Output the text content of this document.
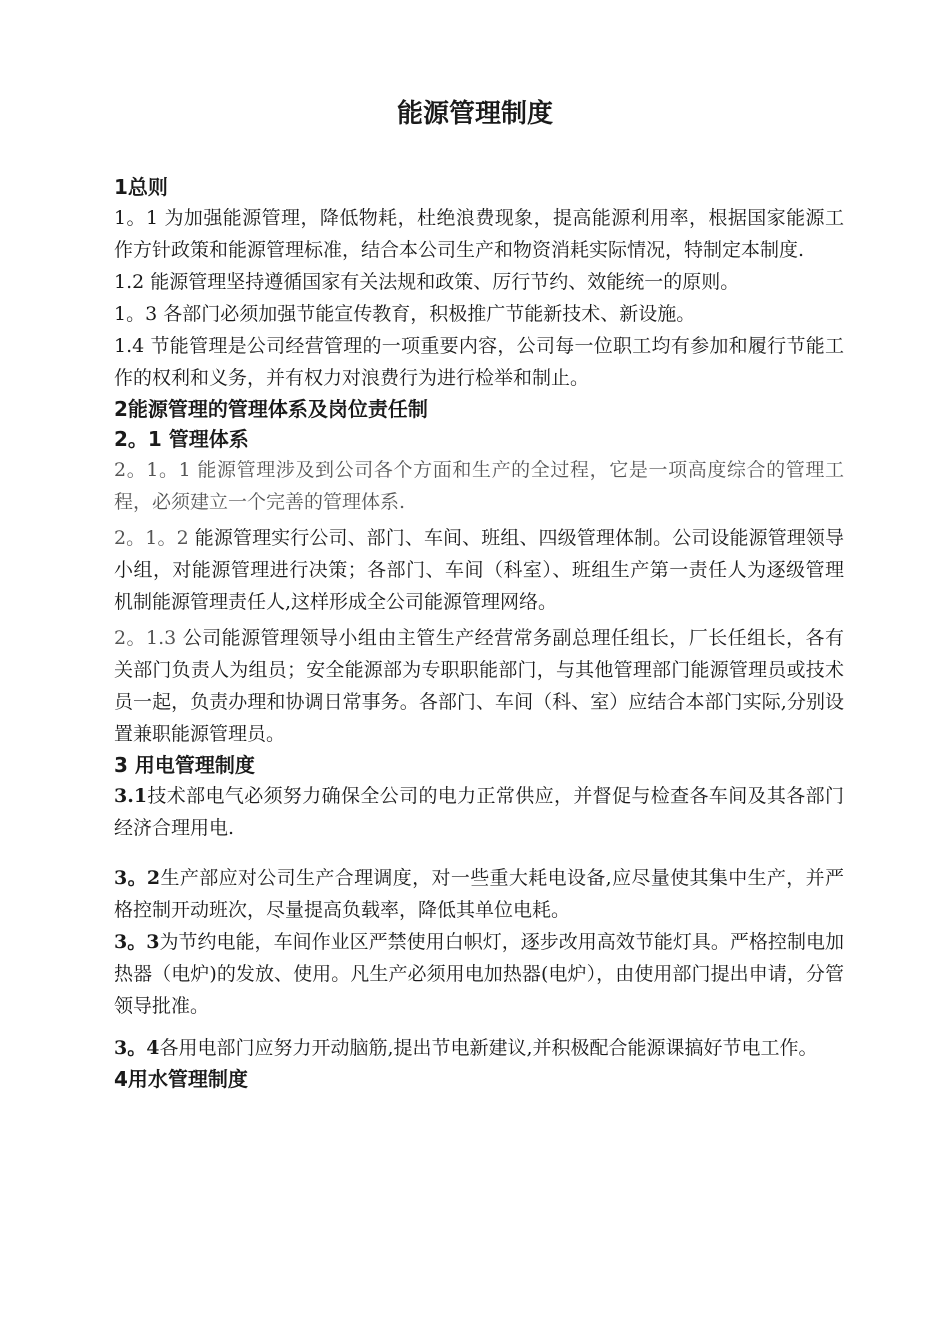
能源管理制度
1总则

1。1 为加强能源管理，降低物耗，杜绝浪费现象，提高能源利用率，根据国家能源工作方针政策和能源管理标准，结合本公司生产和物资消耗实际情况，特制定本制度.

1.2 能源管理坚持遵循国家有关法规和政策、厉行节约、效能统一的原则。

1。3 各部门必须加强节能宣传教育，积极推广节能新技术、新设施。

1.4 节能管理是公司经营管理的一项重要内容，公司每一位职工均有参加和履行节能工作的权利和义务，并有权力对浪费行为进行检举和制止。

2能源管理的管理体系及岗位责任制
2。1 管理体系

2。1。1 能源管理涉及到公司各个方面和生产的全过程，它是一项高度综合的管理工程，必须建立一个完善的管理体系.

2。1。2 能源管理实行公司、部门、车间、班组、四级管理体制。公司设能源管理领导小组，对能源管理进行决策；各部门、车间（科室）、班组生产第一责任人为逐级管理机制能源管理责任人,这样形成全公司能源管理网络。

2。1.3 公司能源管理领导小组由主管生产经营常务副总理任组长，厂长任组长，各有关部门负责人为组员；安全能源部为专职职能部门，与其他管理部门能源管理员或技术员一起，负责办理和协调日常事务。各部门、车间（科、室）应结合本部门实际,分别设置兼职能源管理员。

3 用电管理制度

3.1技术部电气必须努力确保全公司的电力正常供应，并督促与检查各车间及其各部门经济合理用电.

3。2生产部应对公司生产合理调度，对一些重大耗电设备,应尽量使其集中生产，并严格控制开动班次，尽量提高负载率，降低其单位电耗。

3。3为节约电能，车间作业区严禁使用白帜灯，逐步改用高效节能灯具。严格控制电加热器（电炉)的发放、使用。凡生产必须用电加热器(电炉），由使用部门提出申请，分管领导批准。

3。4各用电部门应努力开动脑筋,提出节电新建议,并积极配合能源课搞好节电工作。

4用水管理制度
